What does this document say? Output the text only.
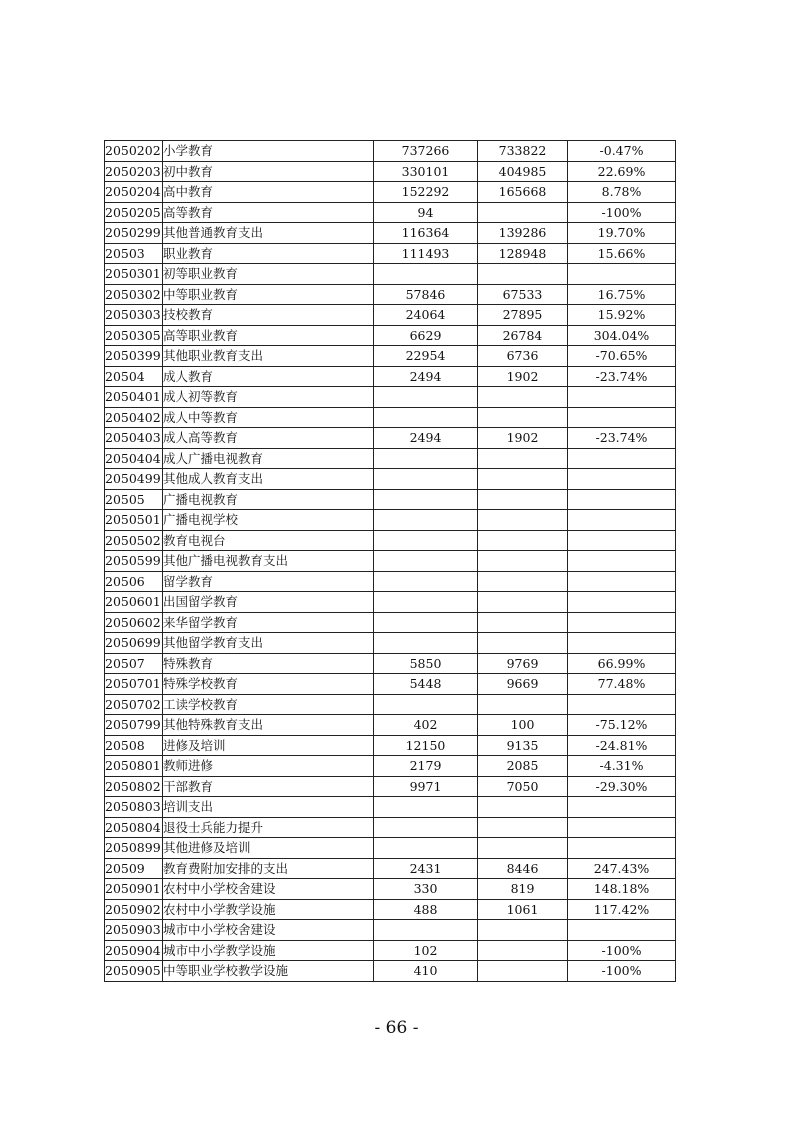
2050202	小学教育	737266	733822	-0.47%
2050203	初中教育	330101	404985	22.69%
2050204	高中教育	152292	165668	8.78%
2050205	高等教育	94		-100%
2050299	其他普通教育支出	116364	139286	19.70%
20503	职业教育	111493	128948	15.66%
2050301	初等职业教育			
2050302	中等职业教育	57846	67533	16.75%
2050303	技校教育	24064	27895	15.92%
2050305	高等职业教育	6629	26784	304.04%
2050399	其他职业教育支出	22954	6736	-70.65%
20504	成人教育	2494	1902	-23.74%
2050401	成人初等教育			
2050402	成人中等教育			
2050403	成人高等教育	2494	1902	-23.74%
2050404	成人广播电视教育			
2050499	其他成人教育支出			
20505	广播电视教育			
2050501	广播电视学校			
2050502	教育电视台			
2050599	其他广播电视教育支出			
20506	留学教育			
2050601	出国留学教育			
2050602	来华留学教育			
2050699	其他留学教育支出			
20507	特殊教育	5850	9769	66.99%
2050701	特殊学校教育	5448	9669	77.48%
2050702	工读学校教育			
2050799	其他特殊教育支出	402	100	-75.12%
20508	进修及培训	12150	9135	-24.81%
2050801	教师进修	2179	2085	-4.31%
2050802	干部教育	9971	7050	-29.30%
2050803	培训支出			
2050804	退役士兵能力提升			
2050899	其他进修及培训			
20509	教育费附加安排的支出	2431	8446	247.43%
2050901	农村中小学校舍建设	330	819	148.18%
2050902	农村中小学教学设施	488	1061	117.42%
2050903	城市中小学校舍建设			
2050904	城市中小学教学设施	102		-100%
2050905	中等职业学校教学设施	410		-100%
- 66 -
